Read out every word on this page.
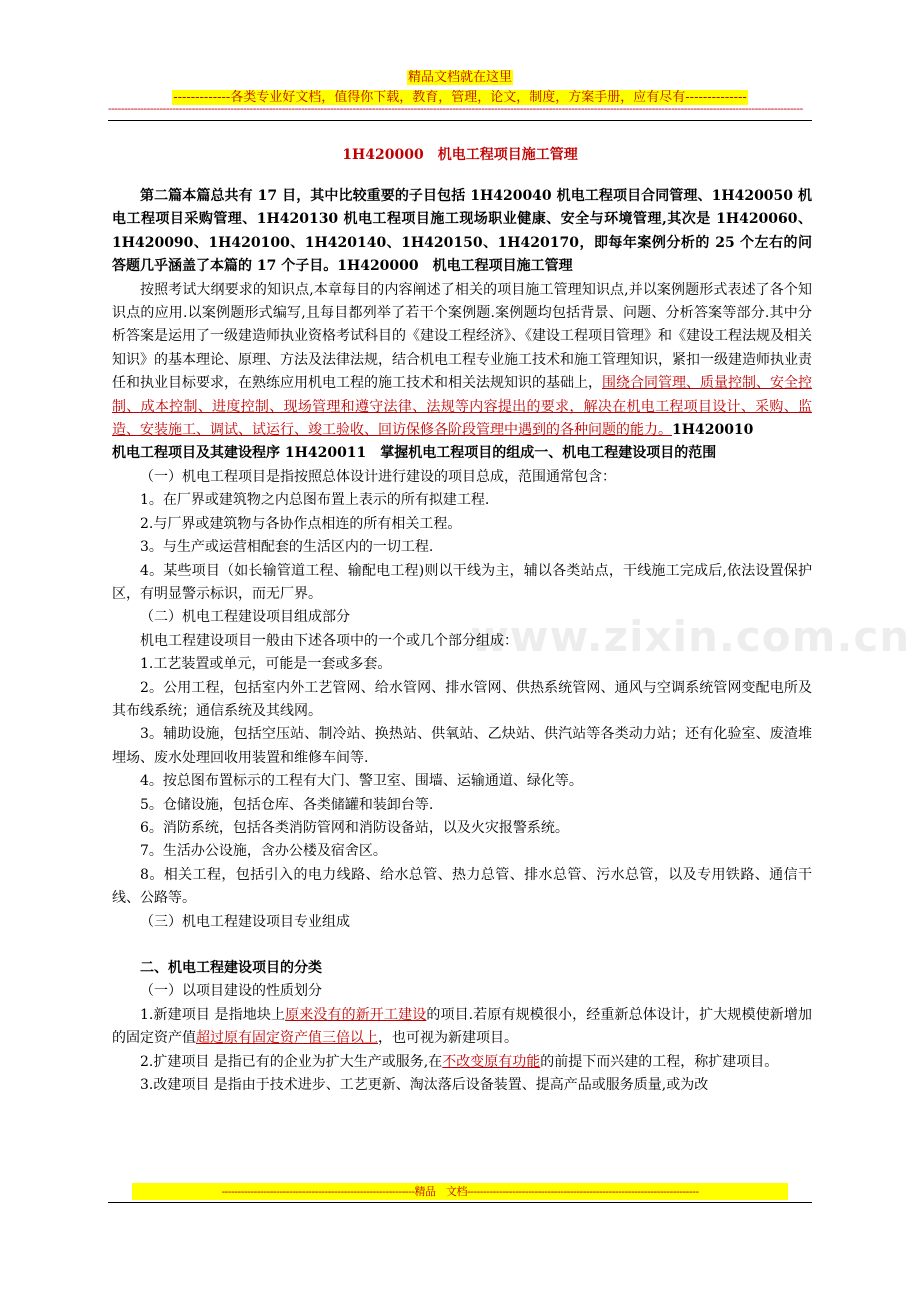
精品文档就在这里
-------------各类专业好文档，值得你下载，教育，管理，论文，制度，方案手册，应有尽有--------------
------------------------------------------------------------------------------------------------------------------------------------------------------------------------------------------------------------------------
1H420000　机电工程项目施工管理
www.zixin.com.cn

第二篇本篇总共有 17 目，其中比较重要的子目包括 1H420040 机电工程项目合同管理、1H420050 机电工程项目采购管理、1H420130 机电工程项目施工现场职业健康、安全与环境管理,其次是 1H420060、1H420090、1H420100、1H420140、1H420150、1H420170，即每年案例分析的 25 个左右的问答题几乎涵盖了本篇的 17 个子目。1H420000　机电工程项目施工管理

按照考试大纲要求的知识点,本章每目的内容阐述了相关的项目施工管理知识点,并以案例题形式表述了各个知识点的应用.以案例题形式编写,且每目都列举了若干个案例题.案例题均包括背景、问题、分析答案等部分.其中分析答案是运用了一级建造师执业资格考试科目的《建设工程经济》、《建设工程项目管理》和《建设工程法规及相关知识》的基本理论、原理、方法及法律法规，结合机电工程专业施工技术和施工管理知识，紧扣一级建造师执业责任和执业目标要求，在熟练应用机电工程的施工技术和相关法规知识的基础上，围绕合同管理、质量控制、安全控制、成本控制、进度控制、现场管理和遵守法律、法规等内容提出的要求，解决在机电工程项目设计、采购、监造、安装施工、调试、试运行、竣工验收、回访保修各阶段管理中遇到的各种问题的能力。1H420010

机电工程项目及其建设程序 1H420011　掌握机电工程项目的组成一、机电工程建设项目的范围

（一）机电工程项目是指按照总体设计进行建设的项目总成，范围通常包含：

1。在厂界或建筑物之内总图布置上表示的所有拟建工程.

2.与厂界或建筑物与各协作点相连的所有相关工程。

3。与生产或运营相配套的生活区内的一切工程.

4。某些项目（如长输管道工程、输配电工程)则以干线为主，辅以各类站点，干线施工完成后,依法设置保护区，有明显警示标识，而无厂界。

（二）机电工程建设项目组成部分

机电工程建设项目一般由下述各项中的一个或几个部分组成：

1.工艺装置或单元，可能是一套或多套。

2。公用工程，包括室内外工艺管网、给水管网、排水管网、供热系统管网、通风与空调系统管网变配电所及其布线系统；通信系统及其线网。

3。辅助设施，包括空压站、制冷站、换热站、供氧站、乙炔站、供汽站等各类动力站；还有化验室、废渣堆埋场、废水处理回收用装置和维修车间等.

4。按总图布置标示的工程有大门、警卫室、围墙、运输通道、绿化等。

5。仓储设施，包括仓库、各类储罐和装卸台等.

6。消防系统，包括各类消防管网和消防设备站，以及火灾报警系统。

7。生活办公设施，含办公楼及宿舍区。

8。相关工程，包括引入的电力线路、给水总管、热力总管、排水总管、污水总管，以及专用铁路、通信干线、公路等。

（三）机电工程建设项目专业组成

二、机电工程建设项目的分类

（一）以项目建设的性质划分

1.新建项目 是指地块上原来没有的新开工建设的项目.若原有规模很小，经重新总体设计，扩大规模使新增加的固定资产值超过原有固定资产值三倍以上，也可视为新建项目。

2.扩建项目 是指已有的企业为扩大生产或服务,在不改变原有功能的前提下而兴建的工程，称扩建项目。

3.改建项目 是指由于技术进步、工艺更新、淘汰落后设备装置、提高产品或服务质量,或为改

------------------------------------------------------------精品　文档------------------------------------------------------------------------
